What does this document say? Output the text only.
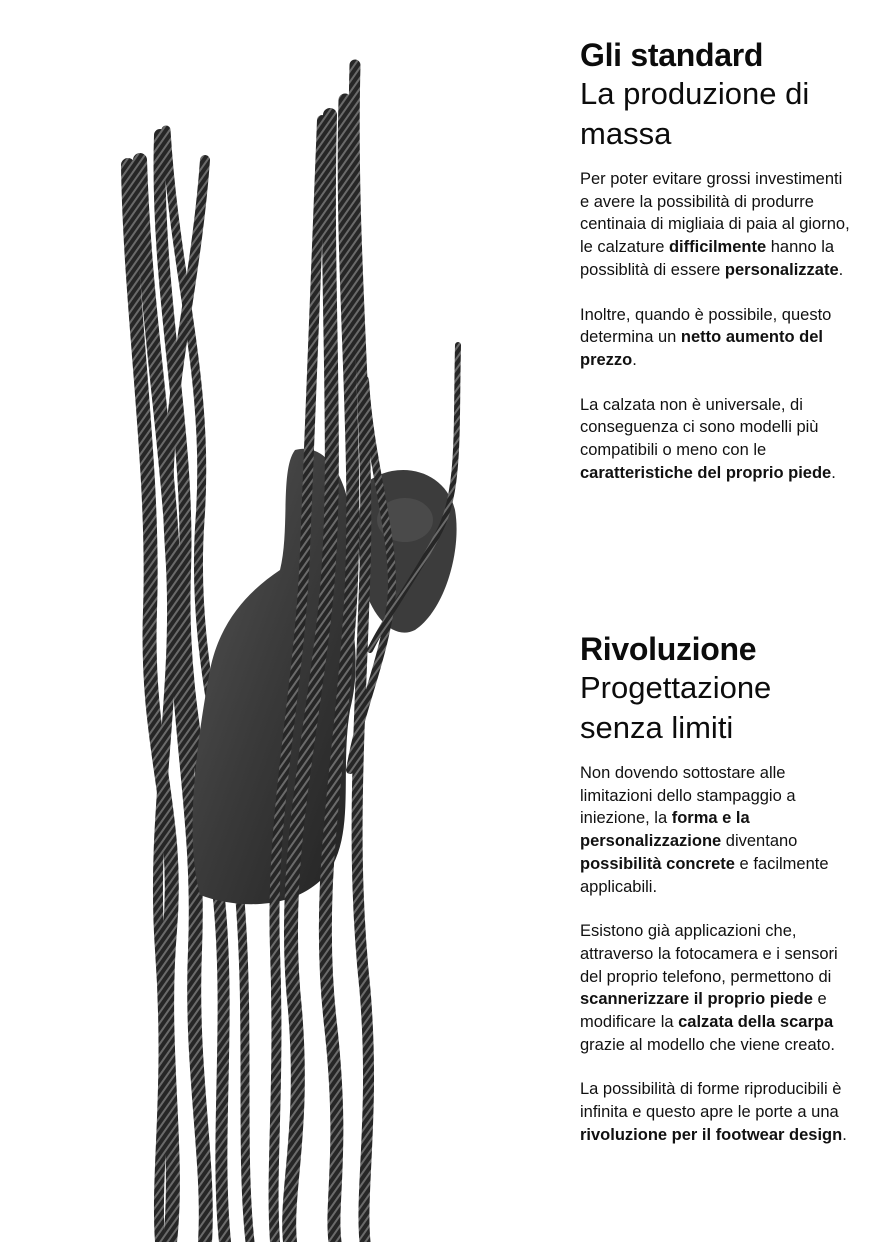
Gli standard

La produzione di massa

Per poter evitare grossi investimenti e avere la possibilità di produrre centinaia di migliaia di paia al giorno, le calzature difficilmente hanno la possiblità di essere personalizzate.

Inoltre, quando è possibile, questo determina un netto aumento del prezzo.

La calzata non è universale, di conseguenza ci sono modelli più compatibili o meno con le caratteristiche del proprio piede.

Rivoluzione

Progettazione senza limiti

Non dovendo sottostare alle limitazioni dello stampaggio a iniezione, la forma e la personalizzazione diventano possibilità concrete e facilmente applicabili.

Esistono già applicazioni che, attraverso la fotocamera e i sensori del proprio telefono, permettono di scannerizzare il proprio piede e modificare la calzata della scarpa grazie al modello che viene creato.

La possibilità di forme riproducibili è infinita e questo apre le porte a una rivoluzione per il footwear design.
